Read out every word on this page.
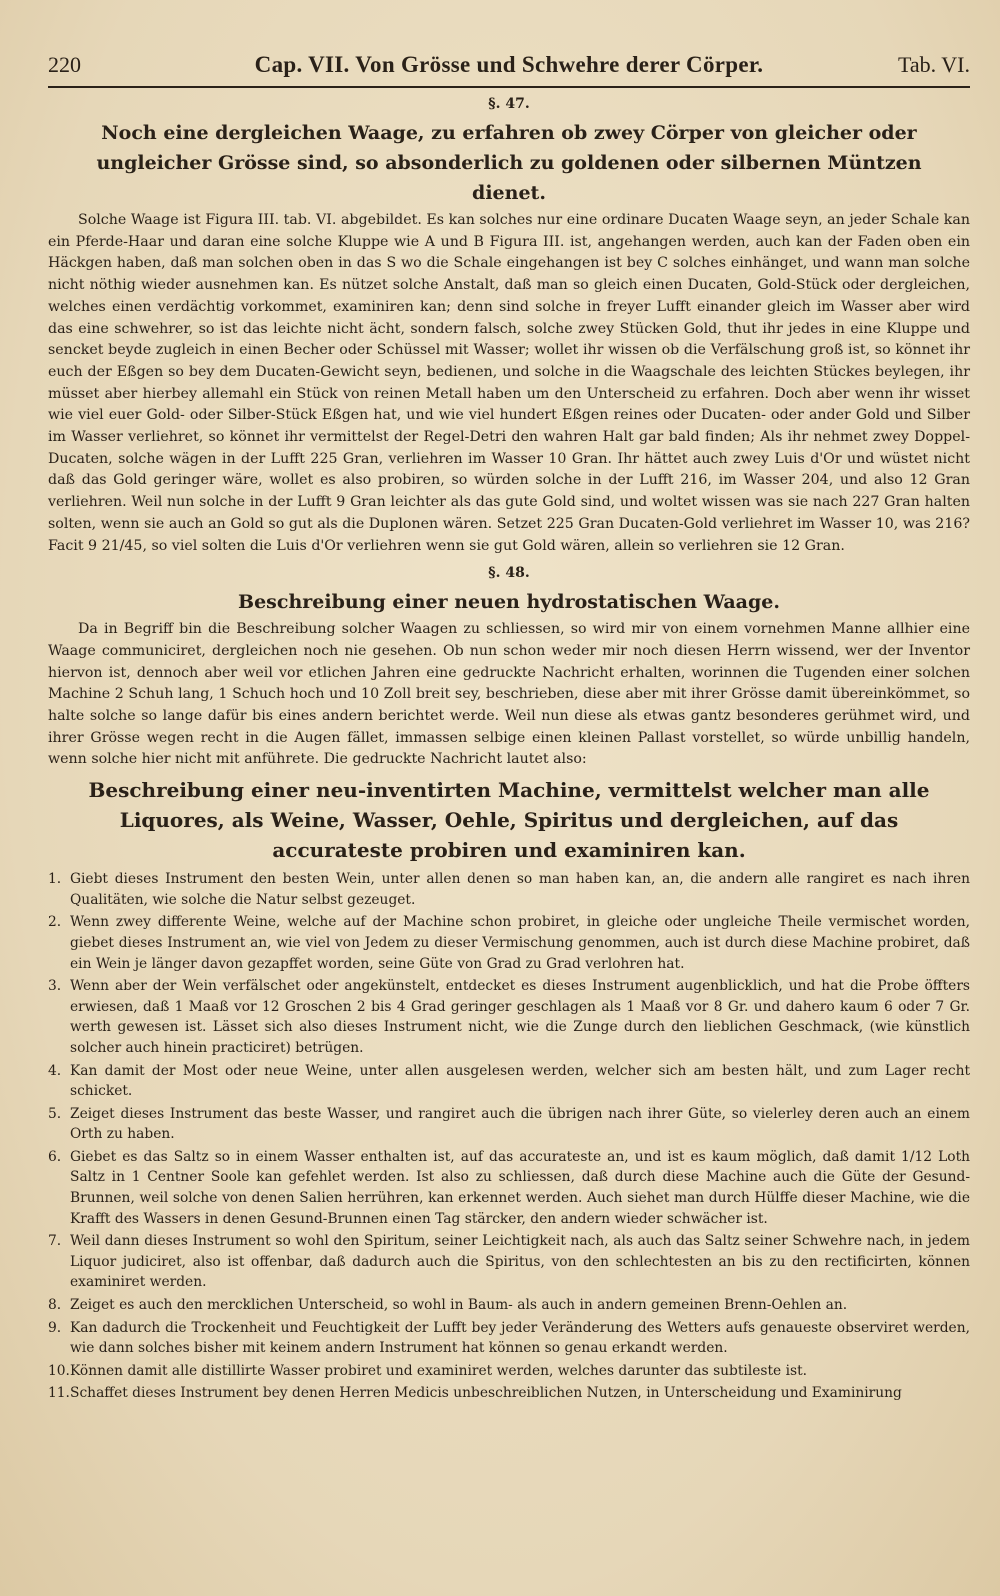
220	Cap. VII. Von Grösse und Schwehre derer Cörper.	Tab. VI.
§. 47.
Noch eine dergleichen Waage, zu erfahren ob zwey Cörper von gleicher oder ungleicher Grösse sind, so absonderlich zu goldenen oder silbernen Müntzen dienet.

Solche Waage ist Figura III. tab. VI. abgebildet. Es kan solches nur eine ordinare Ducaten Waage seyn, an jeder Schale kan ein Pferde-Haar und daran eine solche Kluppe wie A und B Figura III. ist, angehangen werden, auch kan der Faden oben ein Häckgen haben, daß man solchen oben in das S wo die Schale eingehangen ist bey C solches einhänget, und wann man solche nicht nöthig wieder ausnehmen kan. Es nützet solche Anstalt, daß man so gleich einen Ducaten, Gold-Stück oder dergleichen, welches einen verdächtig vorkommet, examiniren kan; denn sind solche in freyer Lufft einander gleich im Wasser aber wird das eine schwehrer, so ist das leichte nicht ächt, sondern falsch, solche zwey Stücken Gold, thut ihr jedes in eine Kluppe und sencket beyde zugleich in einen Becher oder Schüssel mit Wasser; wollet ihr wissen ob die Verfälschung groß ist, so könnet ihr euch der Eßgen so bey dem Ducaten-Gewicht seyn, bedienen, und solche in die Waagschale des leichten Stückes beylegen, ihr müsset aber hierbey allemahl ein Stück von reinen Metall haben um den Unterscheid zu erfahren. Doch aber wenn ihr wisset wie viel euer Gold- oder Silber-Stück Eßgen hat, und wie viel hundert Eßgen reines oder Ducaten- oder ander Gold und Silber im Wasser verliehret, so könnet ihr vermittelst der Regel-Detri den wahren Halt gar bald finden; Als ihr nehmet zwey Doppel-Ducaten, solche wägen in der Lufft 225 Gran, verliehren im Wasser 10 Gran. Ihr hättet auch zwey Luis d'Or und wüstet nicht daß das Gold geringer wäre, wollet es also probiren, so würden solche in der Lufft 216, im Wasser 204, und also 12 Gran verliehren. Weil nun solche in der Lufft 9 Gran leichter als das gute Gold sind, und woltet wissen was sie nach 227 Gran halten solten, wenn sie auch an Gold so gut als die Duplonen wären. Setzet 225 Gran Ducaten-Gold verliehret im Wasser 10, was 216? Facit 9 21/45, so viel solten die Luis d'Or verliehren wenn sie gut Gold wären, allein so verliehren sie 12 Gran.

§. 48.
Beschreibung einer neuen hydrostatischen Waage.

Da in Begriff bin die Beschreibung solcher Waagen zu schliessen, so wird mir von einem vornehmen Manne allhier eine Waage communiciret, dergleichen noch nie gesehen. Ob nun schon weder mir noch diesen Herrn wissend, wer der Inventor hiervon ist, dennoch aber weil vor etlichen Jahren eine gedruckte Nachricht erhalten, worinnen die Tugenden einer solchen Machine 2 Schuh lang, 1 Schuch hoch und 10 Zoll breit sey, beschrieben, diese aber mit ihrer Grösse damit übereinkömmet, so halte solche so lange dafür bis eines andern berichtet werde. Weil nun diese als etwas gantz besonderes gerühmet wird, und ihrer Grösse wegen recht in die Augen fället, immassen selbige einen kleinen Pallast vorstellet, so würde unbillig handeln, wenn solche hier nicht mit anführete. Die gedruckte Nachricht lautet also:

Beschreibung einer neu-inventirten Machine, vermittelst welcher man alle Liquores, als Weine, Wasser, Oehle, Spiritus und dergleichen, auf das accurateste probiren und examiniren kan.
1. Giebt dieses Instrument den besten Wein, unter allen denen so man haben kan, an, die andern alle rangiret es nach ihren Qualitäten, wie solche die Natur selbst gezeuget.
2. Wenn zwey differente Weine, welche auf der Machine schon probiret, in gleiche oder ungleiche Theile vermischet worden, giebet dieses Instrument an, wie viel von Jedem zu dieser Vermischung genommen, auch ist durch diese Machine probiret, daß ein Wein je länger davon gezapffet worden, seine Güte von Grad zu Grad verlohren hat.
3. Wenn aber der Wein verfälschet oder angekünstelt, entdecket es dieses Instrument augenblicklich, und hat die Probe öffters erwiesen, daß 1 Maaß vor 12 Groschen 2 bis 4 Grad geringer geschlagen als 1 Maaß vor 8 Gr. und dahero kaum 6 oder 7 Gr. werth gewesen ist. Lässet sich also dieses Instrument nicht, wie die Zunge durch den lieblichen Geschmack, (wie künstlich solcher auch hinein practiciret) betrügen.
4. Kan damit der Most oder neue Weine, unter allen ausgelesen werden, welcher sich am besten hält, und zum Lager recht schicket.
5. Zeiget dieses Instrument das beste Wasser, und rangiret auch die übrigen nach ihrer Güte, so vielerley deren auch an einem Orth zu haben.
6. Giebet es das Saltz so in einem Wasser enthalten ist, auf das accurateste an, und ist es kaum möglich, daß damit 1/12 Loth Saltz in 1 Centner Soole kan gefehlet werden. Ist also zu schliessen, daß durch diese Machine auch die Güte der Gesund-Brunnen, weil solche von denen Salien herrühren, kan erkennet werden. Auch siehet man durch Hülffe dieser Machine, wie die Krafft des Wassers in denen Gesund-Brunnen einen Tag stärcker, den andern wieder schwächer ist.
7. Weil dann dieses Instrument so wohl den Spiritum, seiner Leichtigkeit nach, als auch das Saltz seiner Schwehre nach, in jedem Liquor judiciret, also ist offenbar, daß dadurch auch die Spiritus, von den schlechtesten an bis zu den rectificirten, können examiniret werden.
8. Zeiget es auch den mercklichen Unterscheid, so wohl in Baum- als auch in andern gemeinen Brenn-Oehlen an.
9. Kan dadurch die Trockenheit und Feuchtigkeit der Lufft bey jeder Veränderung des Wetters aufs genaueste observiret werden, wie dann solches bisher mit keinem andern Instrument hat können so genau erkandt werden.
10. Können damit alle distillirte Wasser probiret und examiniret werden, welches darunter das subtileste ist.
11. Schaffet dieses Instrument bey denen Herren Medicis unbeschreiblichen Nutzen, in Unterscheidung und Examinirung
